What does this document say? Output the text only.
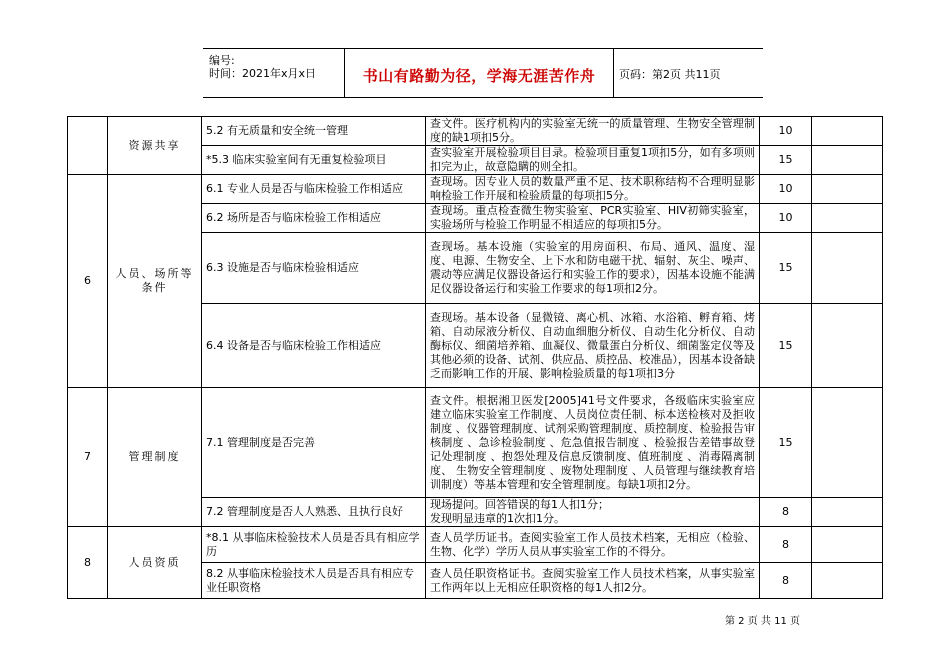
编号:
时间：2021年x月x日	书山有路勤为径，学海无涯苦作舟	页码：第2页 共11页
	资源共享	5.2 有无质量和安全统一管理	查文件。医疗机构内的实验室无统一的质量管理、生物安全管理制度的缺1项扣5分。	10	
		*5.3 临床实验室间有无重复检验项目	查实验室开展检验项目目录。检验项目重复1项扣5分，如有多项则扣完为止，故意隐瞒的则全扣。	15	
6	人员、场所等条件	6.1 专业人员是否与临床检验工作相适应	查现场。因专业人员的数量严重不足、技术职称结构不合理明显影响检验工作开展和检验质量的每项扣5分。	10	
		6.2 场所是否与临床检验工作相适应	查现场。重点检查微生物实验室、PCR实验室、HIV初筛实验室，实验场所与检验工作明显不相适应的每项扣5分。	10	
		6.3 设施是否与临床检验相适应	查现场。基本设施（实验室的用房面积、布局、通风、温度、湿度、电源、生物安全、上下水和防电磁干扰、辐射、灰尘、噪声、震动等应满足仪器设备运行和实验工作的要求），因基本设施不能满足仪器设备运行和实验工作要求的每1项扣2分。	15	
		6.4 设备是否与临床检验工作相适应	查现场。基本设备（显微镜、离心机、冰箱、水浴箱、孵育箱、烤箱、自动尿液分析仪、自动血细胞分析仪、自动生化分析仪、自动酶标仪、细菌培养箱、血凝仪、微量蛋白分析仪、细菌鉴定仪等及其他必须的设备、试剂、供应品、质控品、校准品），因基本设备缺乏而影响工作的开展、影响检验质量的每1项扣3分	15	
7	管理制度	7.1 管理制度是否完善	查文件。根据湘卫医发[2005]41号文件要求，各级临床实验室应建立临床实验室工作制度、人员岗位责任制、标本送检核对及拒收制度 、仪器管理制度、试剂采购管理制度、质控制度、检验报告审核制度 、急诊检验制度 、危急值报告制度 、检验报告差错事故登记处理制度 、抱怨处理及信息反馈制度、值班制度 、消毒隔离制度、 生物安全管理制度 、废物处理制度 、人员管理与继续教育培训制度）等基本管理和安全管理制度。每缺1项扣2分。	15	
		7.2 管理制度是否人人熟悉、且执行良好	现场提问。回答错误的每1人扣1分；
发现明显违章的1次扣1分。	8	
8	人员资质	*8.1 从事临床检验技术人员是否具有相应学历	查人员学历证书。查阅实验室工作人员技术档案，无相应（检验、生物、化学）学历人员从事实验室工作的不得分。	8	
		8.2 从事临床检验技术人员是否具有相应专业任职资格	查人员任职资格证书。查阅实验室工作人员技术档案，从事实验室工作两年以上无相应任职资格的每1人扣2分。	8	
第 2 页 共 11 页
